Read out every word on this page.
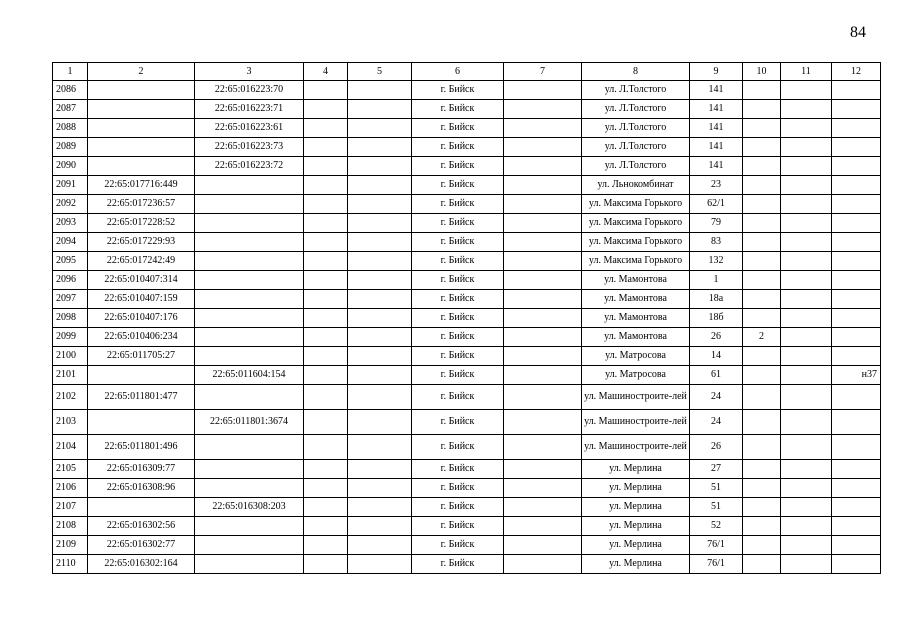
84
1	2	3	4	5	6	7	8	9	10	11	12
2086		22:65:016223:70			г. Бийск		ул. Л.Толстого	141			
2087		22:65:016223:71			г. Бийск		ул. Л.Толстого	141			
2088		22:65:016223:61			г. Бийск		ул. Л.Толстого	141			
2089		22:65:016223:73			г. Бийск		ул. Л.Толстого	141			
2090		22:65:016223:72			г. Бийск		ул. Л.Толстого	141			
2091	22:65:017716:449				г. Бийск		ул. Льнокомбинат	23			
2092	22:65:017236:57				г. Бийск		ул. Максима Горького	62/1			
2093	22:65:017228:52				г. Бийск		ул. Максима Горького	79			
2094	22:65:017229:93				г. Бийск		ул. Максима Горького	83			
2095	22:65:017242:49				г. Бийск		ул. Максима Горького	132			
2096	22:65:010407:314				г. Бийск		ул. Мамонтова	1			
2097	22:65:010407:159				г. Бийск		ул. Мамонтова	18а			
2098	22:65:010407:176				г. Бийск		ул. Мамонтова	18б			
2099	22:65:010406:234				г. Бийск		ул. Мамонтова	26	2		
2100	22:65:011705:27				г. Бийск		ул. Матросова	14			
2101		22:65:011604:154			г. Бийск		ул. Матросова	61			н37
2102	22:65:011801:477				г. Бийск		ул. Машиностроите-лей	24			
2103		22:65:011801:3674			г. Бийск		ул. Машиностроите-лей	24			
2104	22:65:011801:496				г. Бийск		ул. Машиностроите-лей	26			
2105	22:65:016309:77				г. Бийск		ул. Мерлина	27			
2106	22:65:016308:96				г. Бийск		ул. Мерлина	51			
2107		22:65:016308:203			г. Бийск		ул. Мерлина	51			
2108	22:65:016302:56				г. Бийск		ул. Мерлина	52			
2109	22:65:016302:77				г. Бийск		ул. Мерлина	76/1			
2110	22:65:016302:164				г. Бийск		ул. Мерлина	76/1			
